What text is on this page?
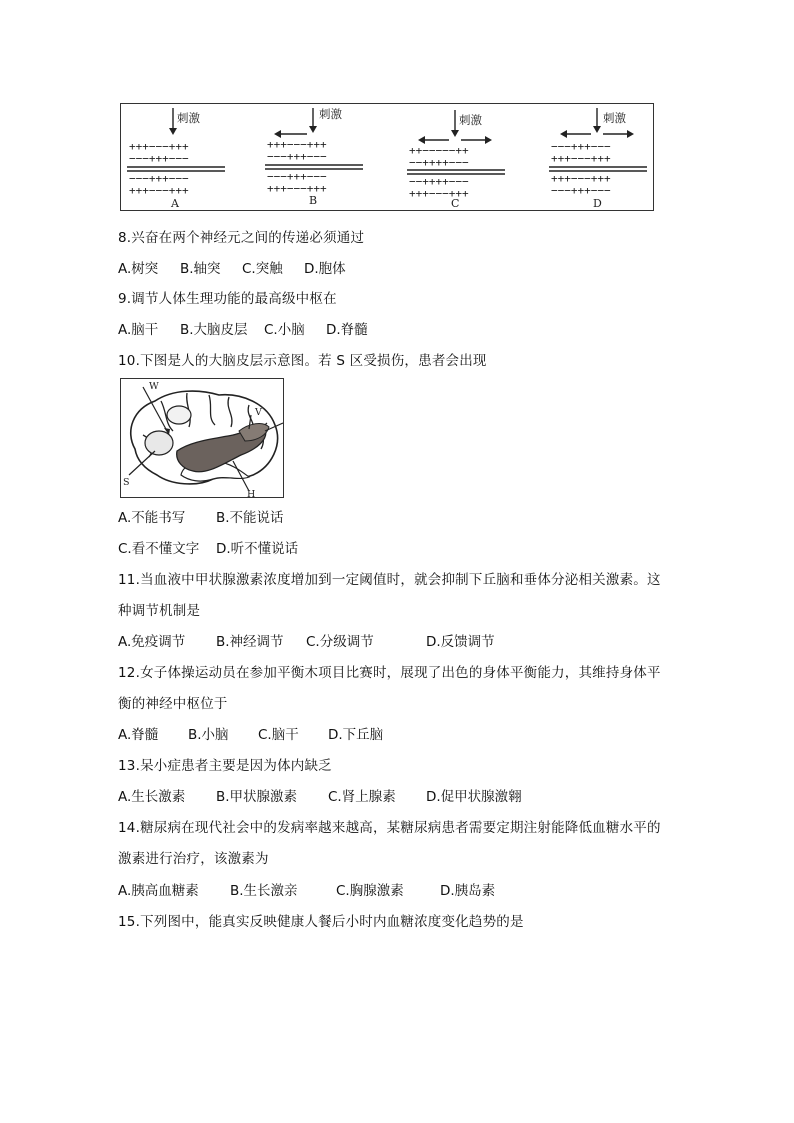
刺激
+++−−−+++
−−−+++−−−
−−−+++−−−
+++−−−+++
A
刺激
+++−−−+++
−−−+++−−−
−−−+++−−−
+++−−−+++
B
刺激
++−−−−−++
−−++++−−−
−−++++−−−
+++−−−+++
C
刺激
−−−+++−−−
+++−−−+++
+++−−−+++
−−−+++−−−
D
8.兴奋在两个神经元之间的传递必须通过
A.树突 B.轴突 C.突触 D.胞体
9.调节人体生理功能的最高级中枢在
A.脑干 B.大脑皮层 C.小脑 D.脊髓
10.下图是人的大脑皮层示意图。若 S 区受损伤，患者会出现
W
V
S
H
A.不能书写 B.不能说话
C.看不懂文字 D.听不懂说话
11.当血液中甲状腺激素浓度增加到一定阈值时，就会抑制下丘脑和垂体分泌相关激素。这
种调节机制是
A.免疫调节 B.神经调节 C.分级调节	D.反馈调节
12.女子体操运动员在参加平衡木项目比赛时，展现了出色的身体平衡能力，其维持身体平
衡的神经中枢位于
A.脊髓 B.小脑 C.脑干 D.下丘脑
13.呆小症患者主要是因为体内缺乏
A.生长激素 B.甲状腺激素 C.肾上腺素 D.促甲状腺激翱
14.糖尿病在现代社会中的发病率越来越高，某糖尿病患者需要定期注射能降低血糖水平的
激素进行治疗，该激素为
A.胰高血糖素 B.生长激亲	C.胸腺激素	D.胰岛素
15.下列图中，能真实反映健康人餐后小时内血糖浓度变化趋势的是
